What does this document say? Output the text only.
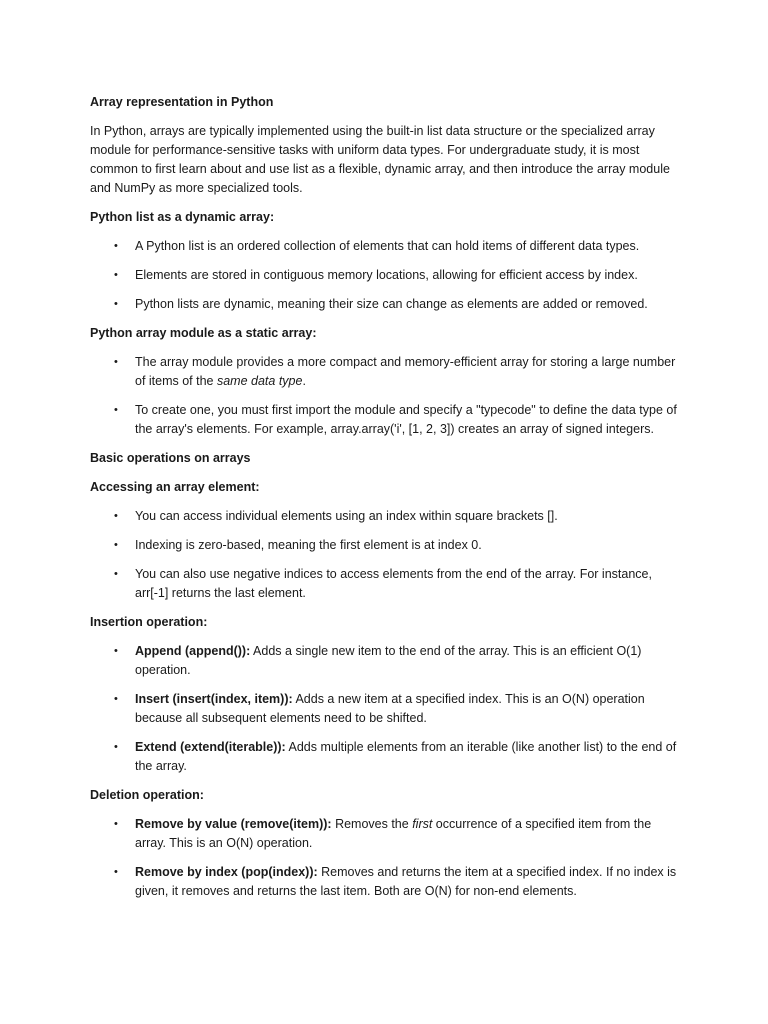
Array representation in Python
In Python, arrays are typically implemented using the built-in list data structure or the specialized array module for performance-sensitive tasks with uniform data types. For undergraduate study, it is most common to first learn about and use list as a flexible, dynamic array, and then introduce the array module and NumPy as more specialized tools.
Python list as a dynamic array:
• A Python list is an ordered collection of elements that can hold items of different data types.
• Elements are stored in contiguous memory locations, allowing for efficient access by index.
• Python lists are dynamic, meaning their size can change as elements are added or removed.
Python array module as a static array:
• The array module provides a more compact and memory-efficient array for storing a large number of items of the same data type.
• To create one, you must first import the module and specify a "typecode" to define the data type of the array's elements. For example, array.array('i', [1, 2, 3]) creates an array of signed integers.
Basic operations on arrays
Accessing an array element:
• You can access individual elements using an index within square brackets [].
• Indexing is zero-based, meaning the first element is at index 0.
• You can also use negative indices to access elements from the end of the array. For instance, arr[-1] returns the last element.
Insertion operation:
• Append (append()): Adds a single new item to the end of the array. This is an efficient O(1) operation.
• Insert (insert(index, item)): Adds a new item at a specified index. This is an O(N) operation because all subsequent elements need to be shifted.
• Extend (extend(iterable)): Adds multiple elements from an iterable (like another list) to the end of the array.
Deletion operation:
• Remove by value (remove(item)): Removes the first occurrence of a specified item from the array. This is an O(N) operation.
• Remove by index (pop(index)): Removes and returns the item at a specified index. If no index is given, it removes and returns the last item. Both are O(N) for non-end elements.
